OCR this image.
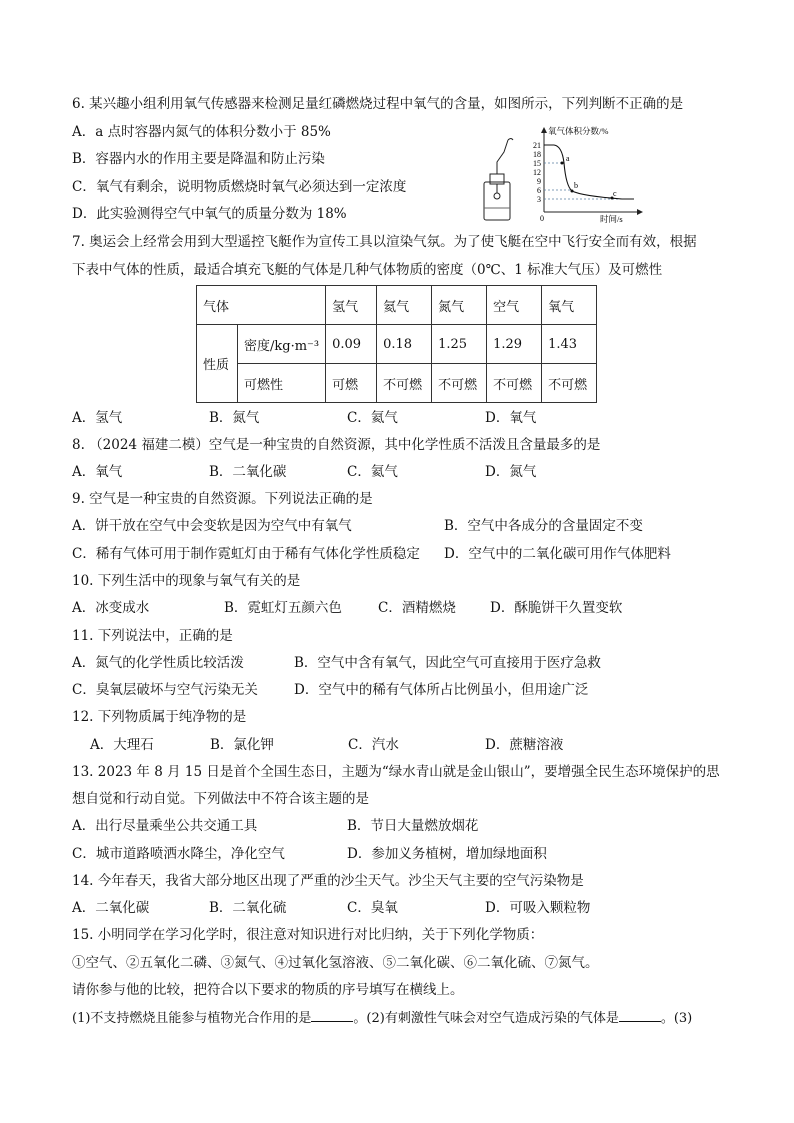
6. 某兴趣小组利用氧气传感器来检测足量红磷燃烧过程中氧气的含量，如图所示，下列判断不正确的是
A．a 点时容器内氮气的体积分数小于 85%
B．容器内水的作用主要是降温和防止污染
C．氧气有剩余，说明物质燃烧时氧气必须达到一定浓度
D．此实验测得空气中氧气的质量分数为 18%
氧气体积分数/%
时间/s
21
18
15
12
9
6
3
0
a
b
c
7. 奥运会上经常会用到大型遥控飞艇作为宣传工具以渲染气氛。为了使飞艇在空中飞行安全而有效，根据
下表中气体的性质，最适合填充飞艇的气体是几种气体物质的密度（0℃、1 标准大气压）及可燃性
气体		氢气	氦气	氮气	空气	氧气
性质	密度/kg·m⁻³	0.09	0.18	1.25	1.29	1.43
	可燃性	可燃	不可燃	不可燃	不可燃	不可燃
A．氢气	B．氮气	C．氦气	D．氧气
8. （2024 福建二模）空气是一种宝贵的自然资源，其中化学性质不活泼且含量最多的是
A．氧气	B．二氧化碳	C．氦气	D．氮气
9. 空气是一种宝贵的自然资源。下列说法正确的是
A．饼干放在空气中会变软是因为空气中有氧气	B．空气中各成分的含量固定不变
C．稀有气体可用于制作霓虹灯由于稀有气体化学性质稳定 D．空气中的二氧化碳可用作气体肥料
10. 下列生活中的现象与氧气有关的是
A．冰变成水	B．霓虹灯五颜六色	C．酒精燃烧	D．酥脆饼干久置变软
11. 下列说法中，正确的是
A．氮气的化学性质比较活泼	B．空气中含有氧气，因此空气可直接用于医疗急救
C．臭氧层破坏与空气污染无关	D．空气中的稀有气体所占比例虽小，但用途广泛
12. 下列物质属于纯净物的是
A．大理石	B．氯化钾	C．汽水	D．蔗糖溶液
13. 2023 年 8 月 15 日是首个全国生态日，主题为“绿水青山就是金山银山”，要增强全民生态环境保护的思
想自觉和行动自觉。下列做法中不符合该主题的是
A．出行尽量乘坐公共交通工具	B．节日大量燃放烟花
C．城市道路喷洒水降尘，净化空气	D．参加义务植树，增加绿地面积
14. 今年春天，我省大部分地区出现了严重的沙尘天气。沙尘天气主要的空气污染物是
A．二氧化碳	B．二氧化硫	C．臭氧	D．可吸入颗粒物
15. 小明同学在学习化学时，很注意对知识进行对比归纳，关于下列化学物质：
①空气、②五氧化二磷、③氮气、④过氧化氢溶液、⑤二氧化碳、⑥二氧化硫、⑦氮气。
请你参与他的比较，把符合以下要求的物质的序号填写在横线上。
(1)不支持燃烧且能参与植物光合作用的是	。(2)有刺激性气味会对空气造成污染的气体是	。(3)
